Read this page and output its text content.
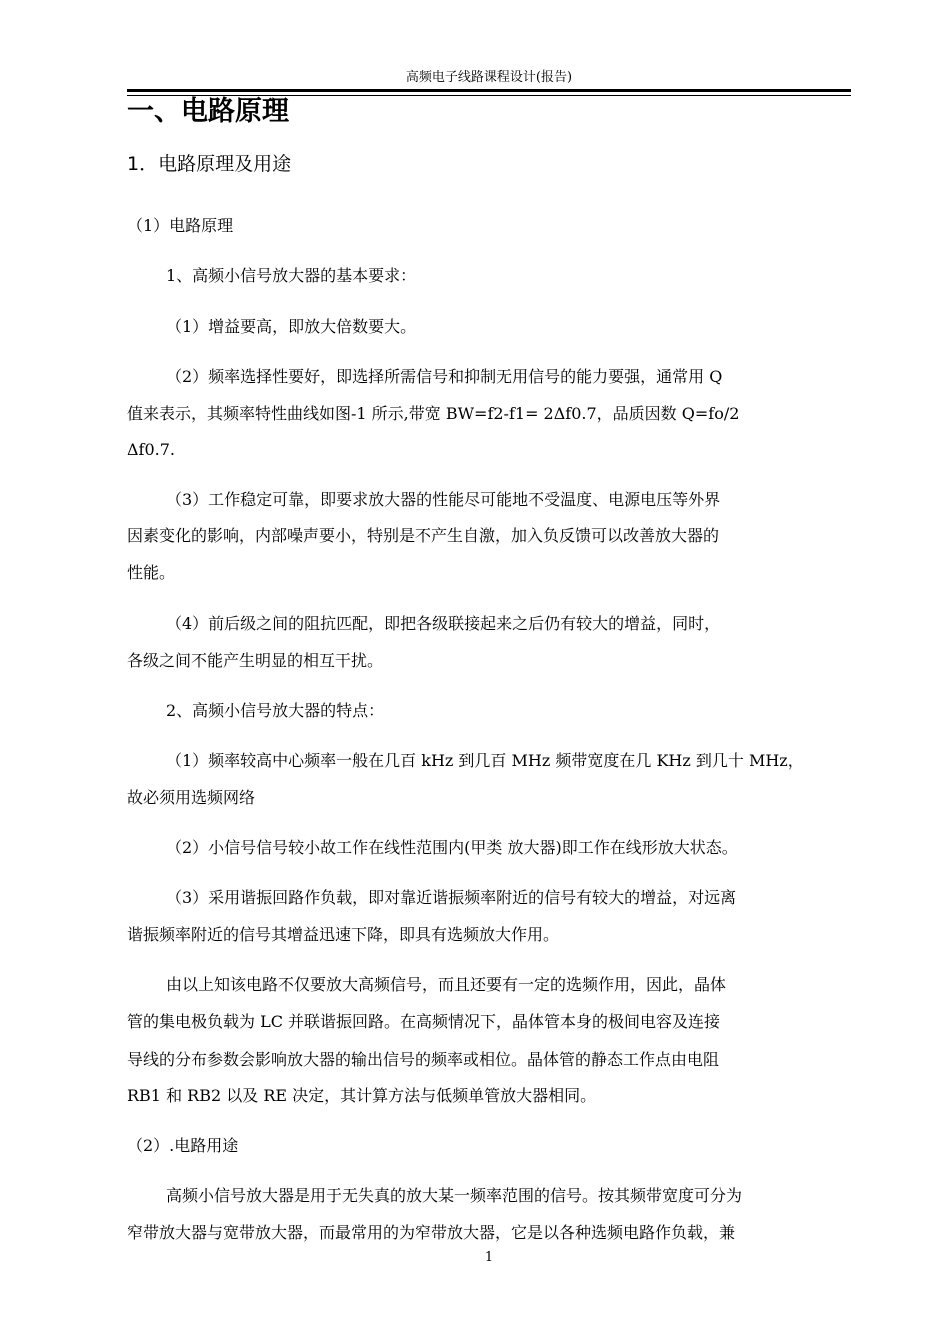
高频电子线路课程设计(报告)
一、电路原理
1．电路原理及用途
（1）电路原理
1、高频小信号放大器的基本要求：
（1）增益要高，即放大倍数要大。
（2）频率选择性要好，即选择所需信号和抑制无用信号的能力要强，通常用 Q
值来表示，其频率特性曲线如图-1 所示,带宽 BW=f2-f1= 2Δf0.7，品质因数 Q=fo/2
Δf0.7.
（3）工作稳定可靠，即要求放大器的性能尽可能地不受温度、电源电压等外界
因素变化的影响，内部噪声要小，特别是不产生自激，加入负反馈可以改善放大器的
性能。
（4）前后级之间的阻抗匹配，即把各级联接起来之后仍有较大的增益，同时，
各级之间不能产生明显的相互干扰。
2、高频小信号放大器的特点：
（1）频率较高中心频率一般在几百 kHz 到几百 MHz 频带宽度在几 KHz 到几十 MHz，
故必须用选频网络
（2）小信号信号较小故工作在线性范围内(甲类 放大器)即工作在线形放大状态。
（3）采用谐振回路作负载，即对靠近谐振频率附近的信号有较大的增益，对远离
谐振频率附近的信号其增益迅速下降，即具有选频放大作用。
由以上知该电路不仅要放大高频信号，而且还要有一定的选频作用，因此，晶体
管的集电极负载为 LC 并联谐振回路。在高频情况下，晶体管本身的极间电容及连接
导线的分布参数会影响放大器的输出信号的频率或相位。晶体管的静态工作点由电阻
RB1 和 RB2 以及 RE 决定，其计算方法与低频单管放大器相同。
（2）.电路用途
高频小信号放大器是用于无失真的放大某一频率范围的信号。按其频带宽度可分为
窄带放大器与宽带放大器，而最常用的为窄带放大器，它是以各种选频电路作负载，兼
1
